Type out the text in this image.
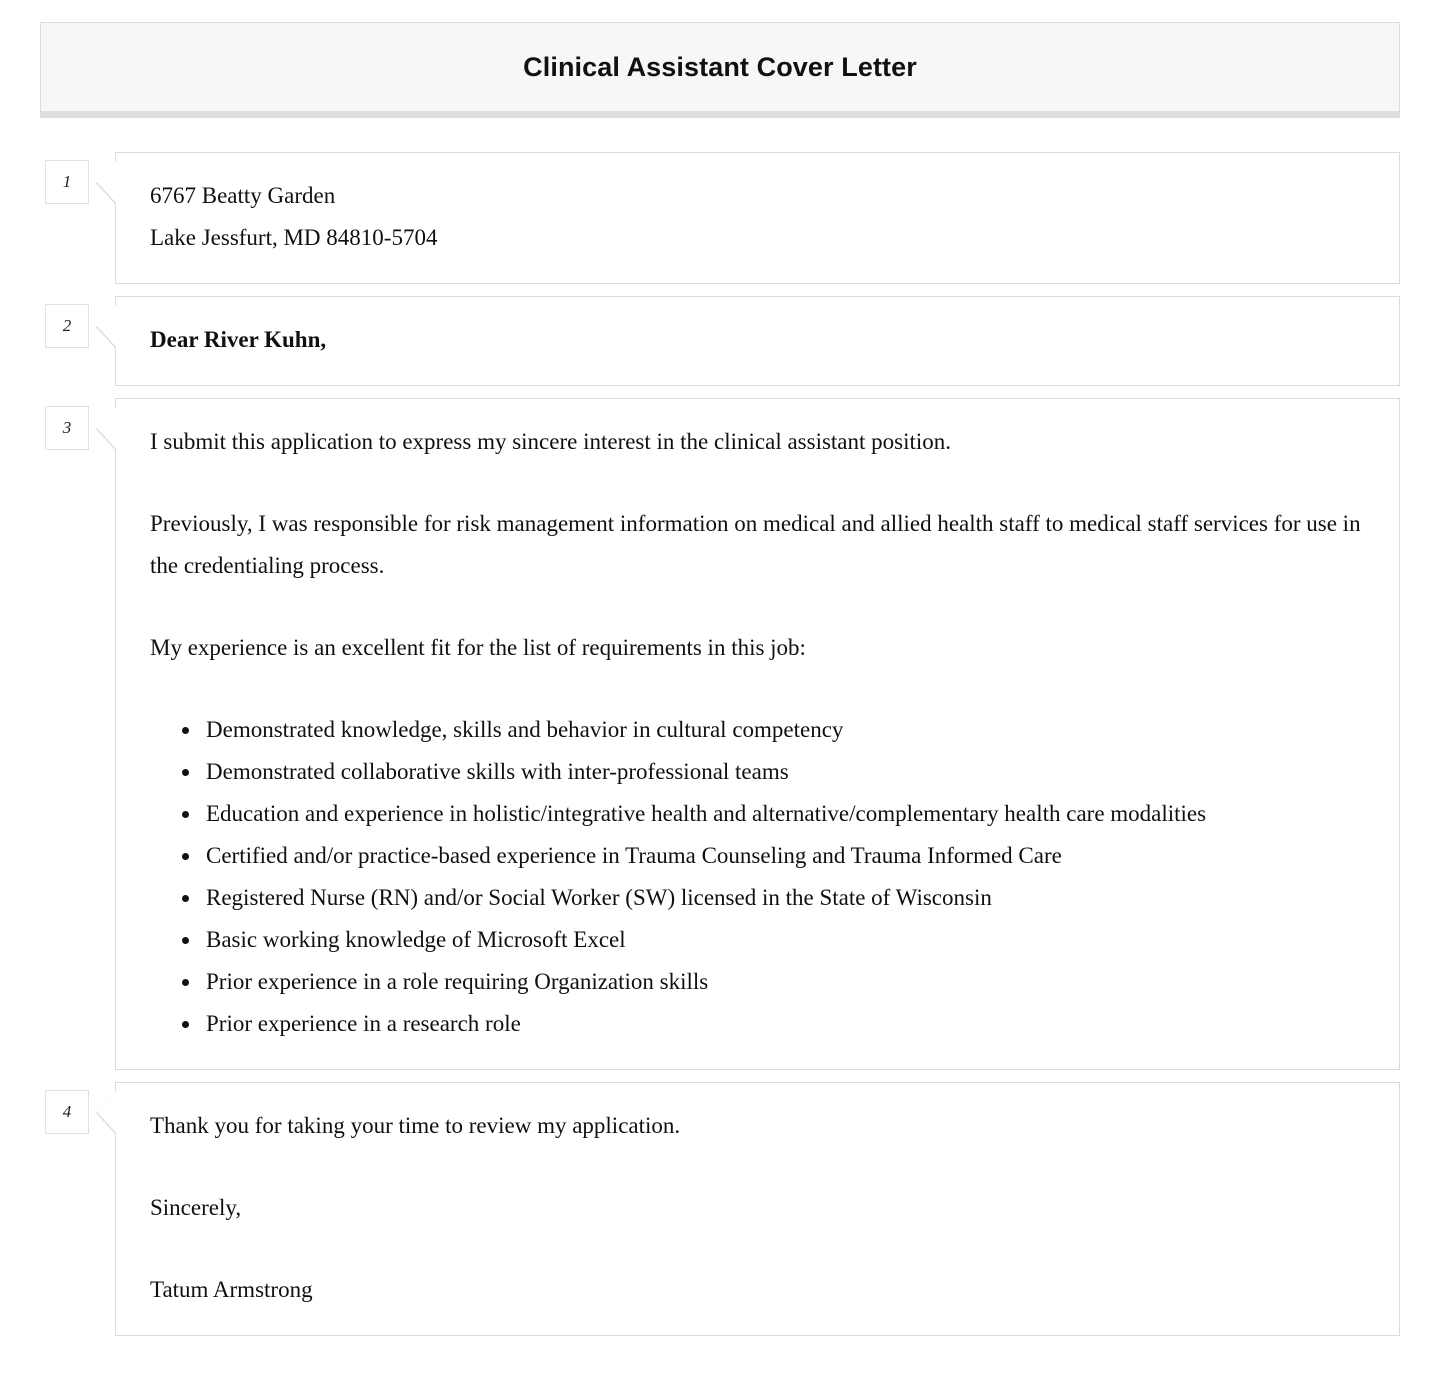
Clinical Assistant Cover Letter
1
6767 Beatty Garden
Lake Jessfurt, MD 84810-5704
2
Dear River Kuhn,
3

I submit this application to express my sincere interest in the clinical assistant position.

Previously, I was responsible for risk management information on medical and allied health staff to medical staff services for use in the credentialing process.

My experience is an excellent fit for the list of requirements in this job:

• Demonstrated knowledge, skills and behavior in cultural competency
• Demonstrated collaborative skills with inter-professional teams
• Education and experience in holistic/integrative health and alternative/complementary health care modalities
• Certified and/or practice-based experience in Trauma Counseling and Trauma Informed Care
• Registered Nurse (RN) and/or Social Worker (SW) licensed in the State of Wisconsin
• Basic working knowledge of Microsoft Excel
• Prior experience in a role requiring Organization skills
• Prior experience in a research role
4

Thank you for taking your time to review my application.

Sincerely,

Tatum Armstrong
